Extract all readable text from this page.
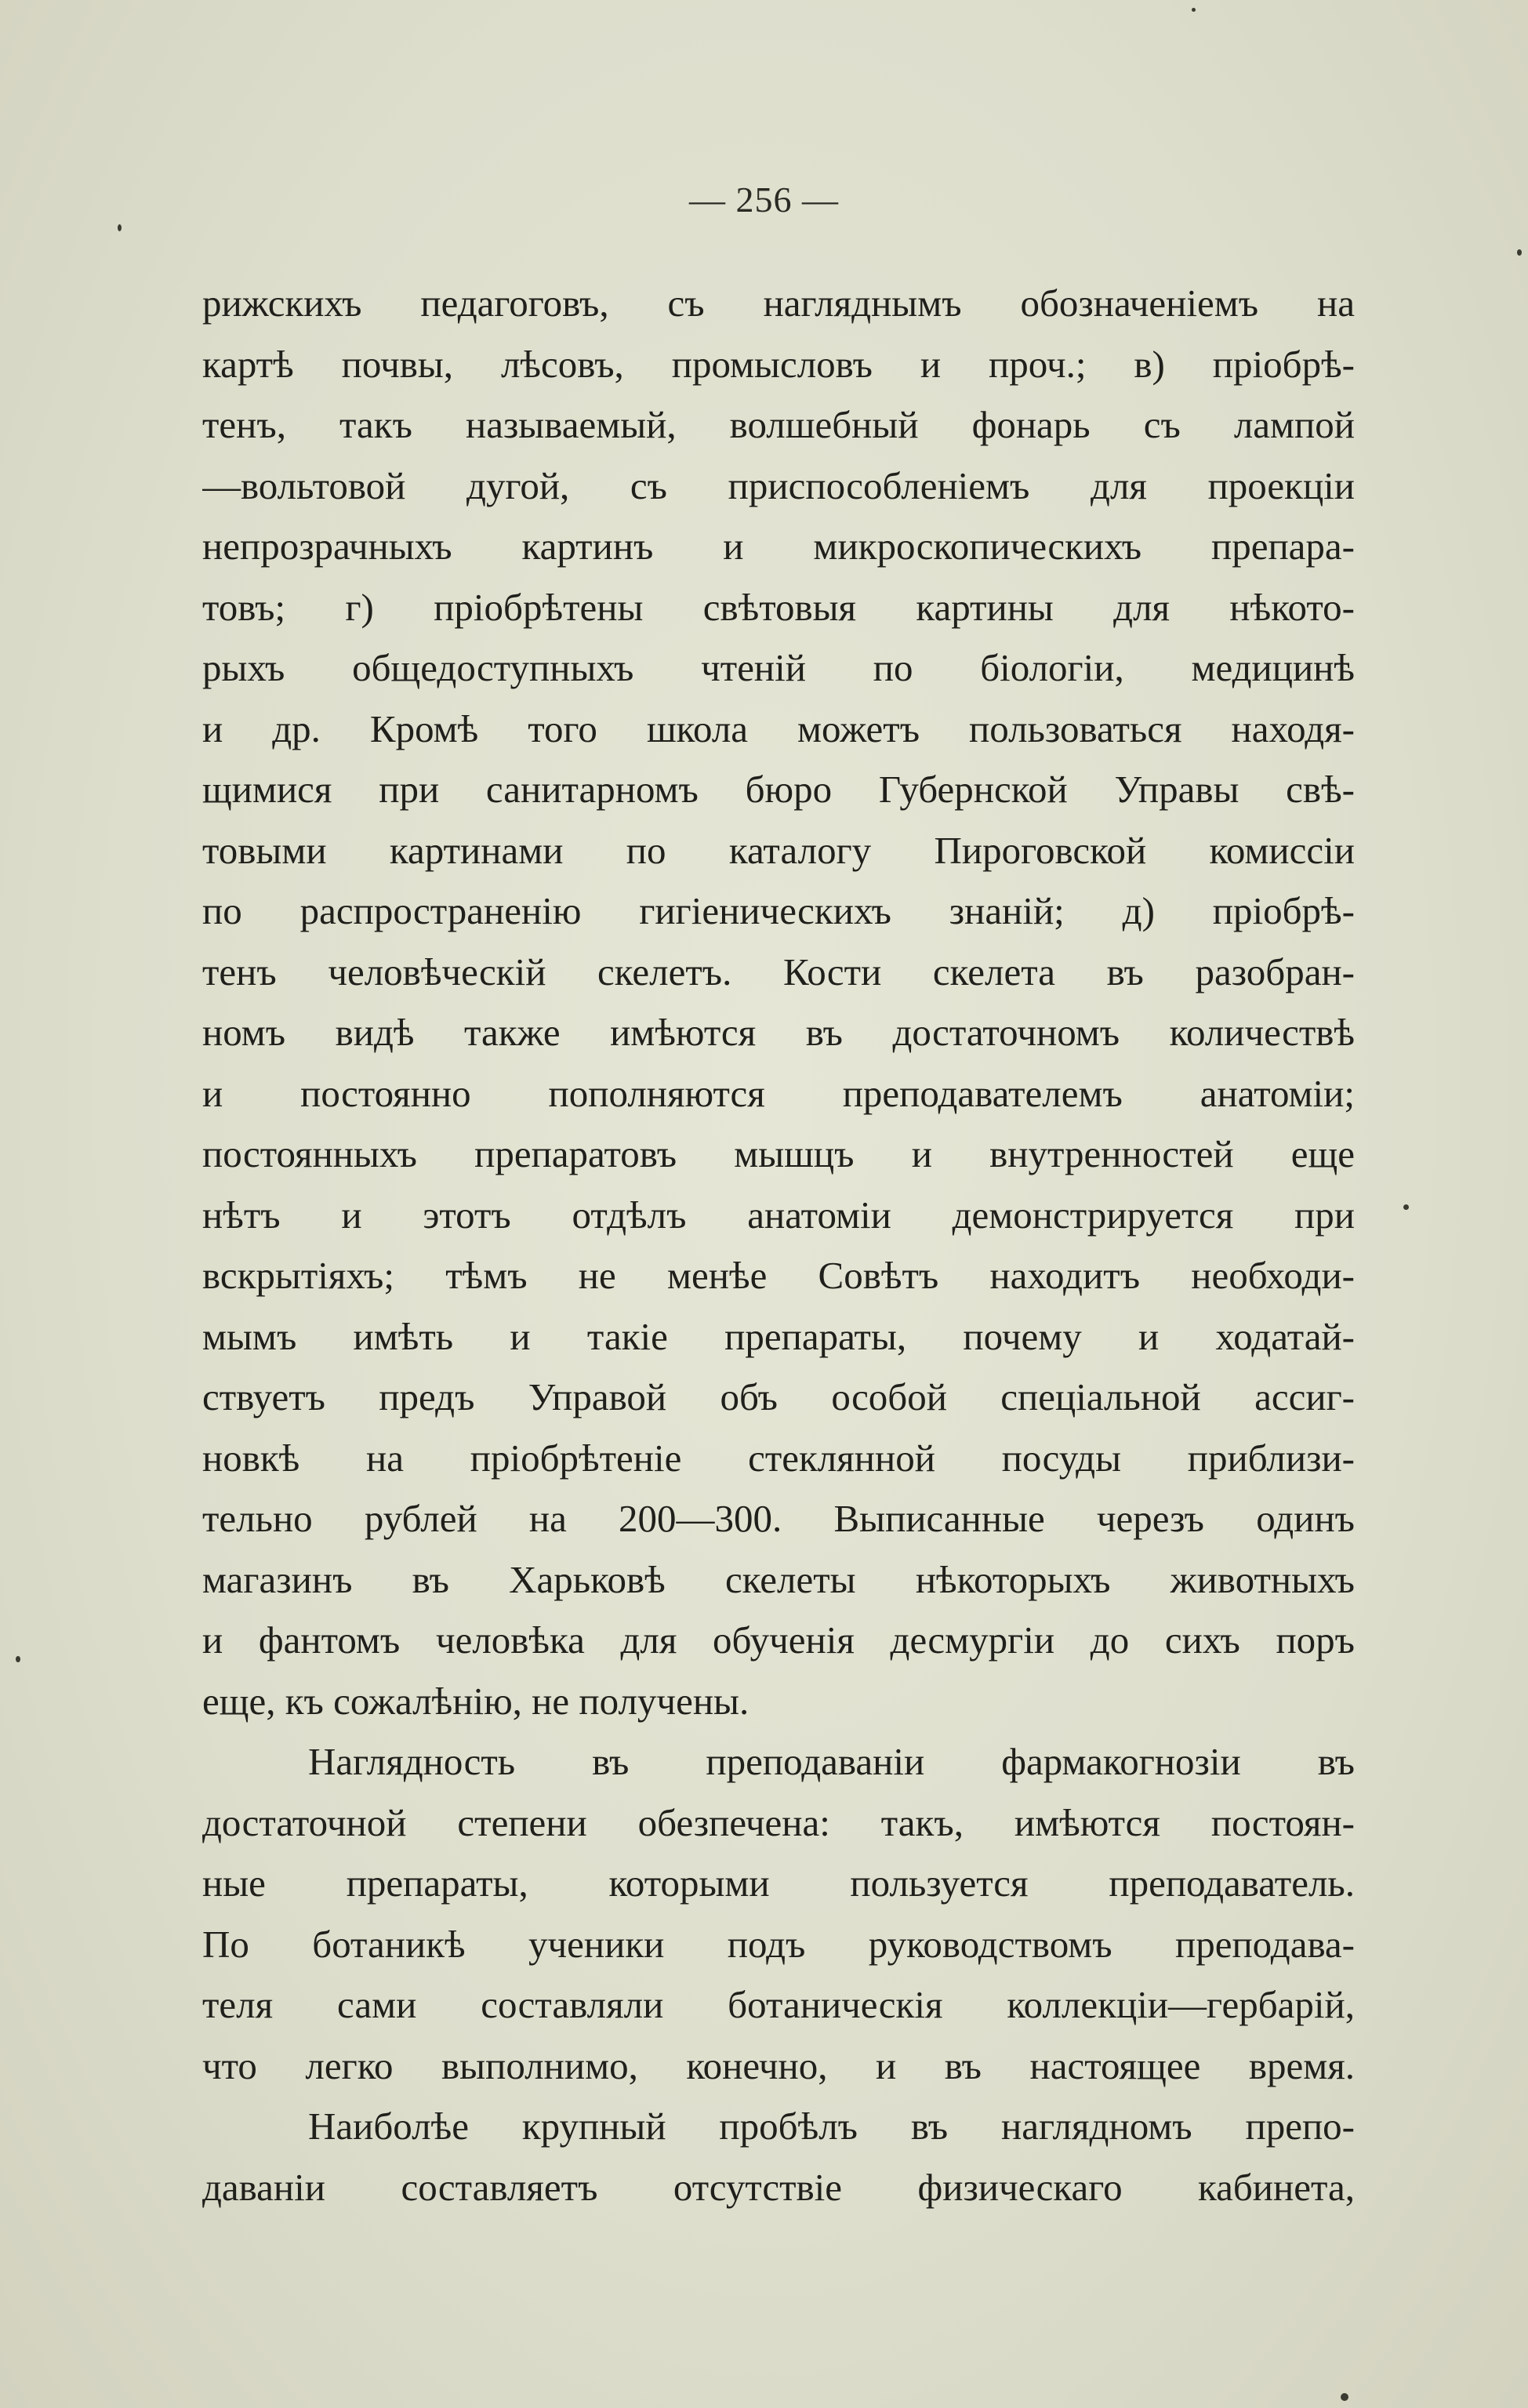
— 256 —
рижскихъ педагоговъ, съ нагляднымъ обозначеніемъ на
картѣ почвы, лѣсовъ, промысловъ и проч.; в) пріобрѣ-
тенъ, такъ называемый, волшебный фонарь съ лампой
—вольтовой дугой, съ приспособленіемъ для проекціи
непрозрачныхъ картинъ и микроскопическихъ препара-
товъ; г) пріобрѣтены свѣтовыя картины для нѣкото-
рыхъ общедоступныхъ чтеній по біологіи, медицинѣ
и др. Кромѣ того школа можетъ пользоваться находя-
щимися при санитарномъ бюро Губернской Управы свѣ-
товыми картинами по каталогу Пироговской комиссіи
по распространенію гигіеническихъ знаній; д) пріобрѣ-
тенъ человѣческій скелетъ. Кости скелета въ разобран-
номъ видѣ также имѣются въ достаточномъ количествѣ
и постоянно пополняются преподавателемъ анатоміи;
постоянныхъ препаратовъ мышцъ и внутренностей еще
нѣтъ и этотъ отдѣлъ анатоміи демонстрируется при
вскрытіяхъ; тѣмъ не менѣе Совѣтъ находитъ необходи-
мымъ имѣть и такіе препараты, почему и ходатай-
ствуетъ предъ Управой объ особой спеціальной ассиг-
новкѣ на пріобрѣтеніе стеклянной посуды приблизи-
тельно рублей на 200—300. Выписанные черезъ одинъ
магазинъ въ Харьковѣ скелеты нѣкоторыхъ животныхъ
и фантомъ человѣка для обученія десмургіи до сихъ поръ
еще, къ сожалѣнію, не получены.
Наглядность въ преподаваніи фармакогнозіи въ
достаточной степени обезпечена: такъ, имѣются постоян-
ные препараты, которыми пользуется преподаватель.
По ботаникѣ ученики подъ руководствомъ преподава-
теля сами составляли ботаническія коллекціи—гербарій,
что легко выполнимо, конечно, и въ настоящее время.
Наиболѣе крупный пробѣлъ въ наглядномъ препо-
даваніи составляетъ отсутствіе физическаго кабинета,
